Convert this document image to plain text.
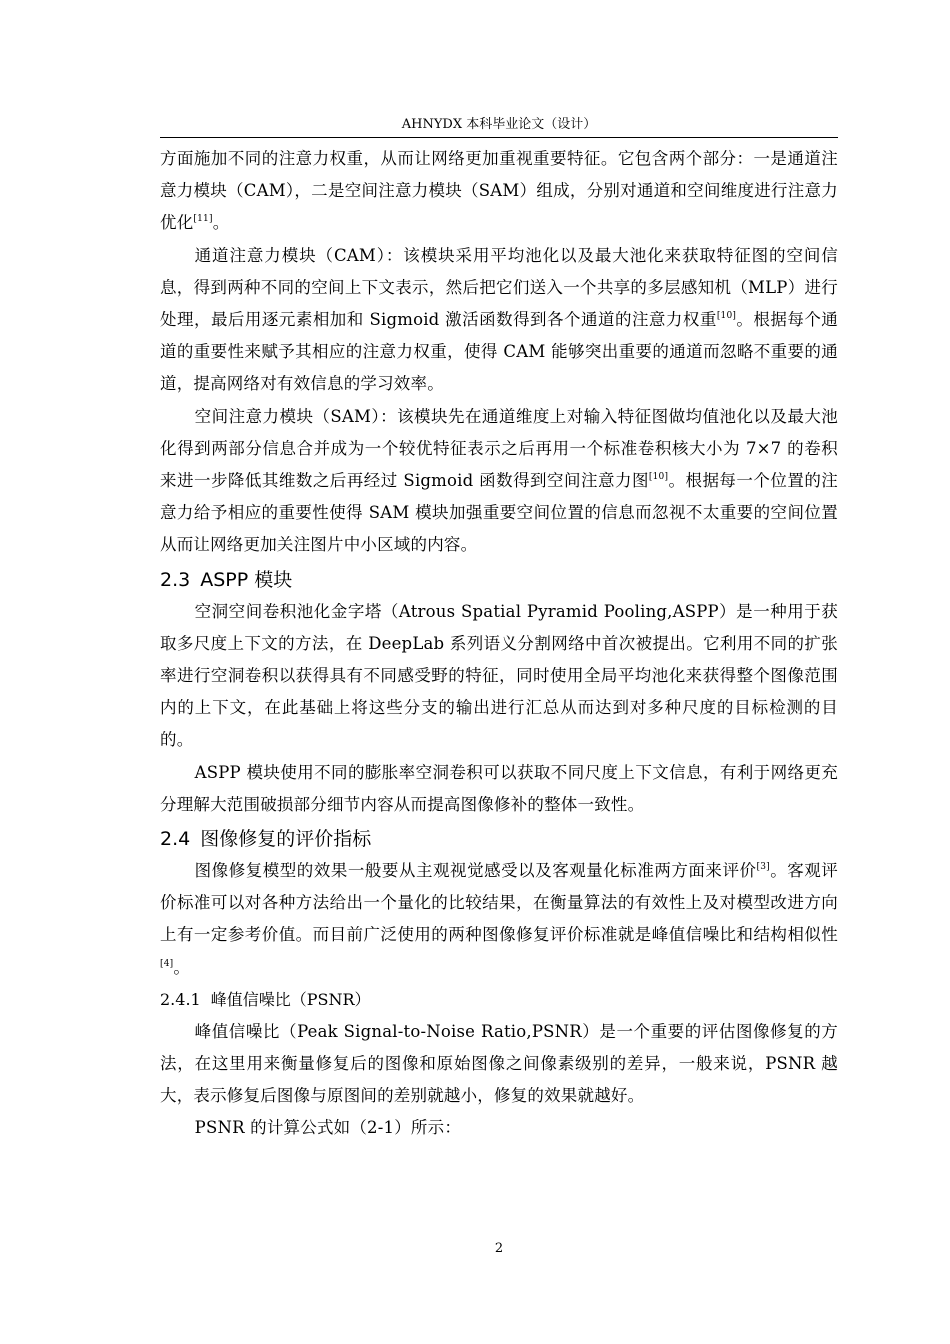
AHNYDX 本科毕业论文（设计）

方面施加不同的注意力权重，从而让网络更加重视重要特征。它包含两个部分：一是通道注意力模块（CAM），二是空间注意力模块（SAM）组成，分别对通道和空间维度进行注意力优化[11]。

通道注意力模块（CAM）：该模块采用平均池化以及最大池化来获取特征图的空间信息，得到两种不同的空间上下文表示，然后把它们送入一个共享的多层感知机（MLP）进行处理，最后用逐元素相加和 Sigmoid 激活函数得到各个通道的注意力权重[10]。根据每个通道的重要性来赋予其相应的注意力权重，使得 CAM 能够突出重要的通道而忽略不重要的通道，提高网络对有效信息的学习效率。

空间注意力模块（SAM）：该模块先在通道维度上对输入特征图做均值池化以及最大池化得到两部分信息合并成为一个较优特征表示之后再用一个标准卷积核大小为 7×7 的卷积来进一步降低其维数之后再经过 Sigmoid 函数得到空间注意力图[10]。根据每一个位置的注意力给予相应的重要性使得 SAM 模块加强重要空间位置的信息而忽视不太重要的空间位置从而让网络更加关注图片中小区域的内容。

2.3 ASPP 模块

空洞空间卷积池化金字塔（Atrous Spatial Pyramid Pooling,ASPP）是一种用于获取多尺度上下文的方法，在 DeepLab 系列语义分割网络中首次被提出。它利用不同的扩张率进行空洞卷积以获得具有不同感受野的特征，同时使用全局平均池化来获得整个图像范围内的上下文，在此基础上将这些分支的输出进行汇总从而达到对多种尺度的目标检测的目的。

ASPP 模块使用不同的膨胀率空洞卷积可以获取不同尺度上下文信息，有利于网络更充分理解大范围破损部分细节内容从而提高图像修补的整体一致性。

2.4 图像修复的评价指标

图像修复模型的效果一般要从主观视觉感受以及客观量化标准两方面来评价[3]。客观评价标准可以对各种方法给出一个量化的比较结果，在衡量算法的有效性上及对模型改进方向上有一定参考价值。而目前广泛使用的两种图像修复评价标准就是峰值信噪比和结构相似性[4]。

2.4.1 峰值信噪比（PSNR）

峰值信噪比（Peak Signal-to-Noise Ratio,PSNR）是一个重要的评估图像修复的方法，在这里用来衡量修复后的图像和原始图像之间像素级别的差异，一般来说，PSNR 越大，表示修复后图像与原图间的差别就越小，修复的效果就越好。

PSNR 的计算公式如（2-1）所示：

2
